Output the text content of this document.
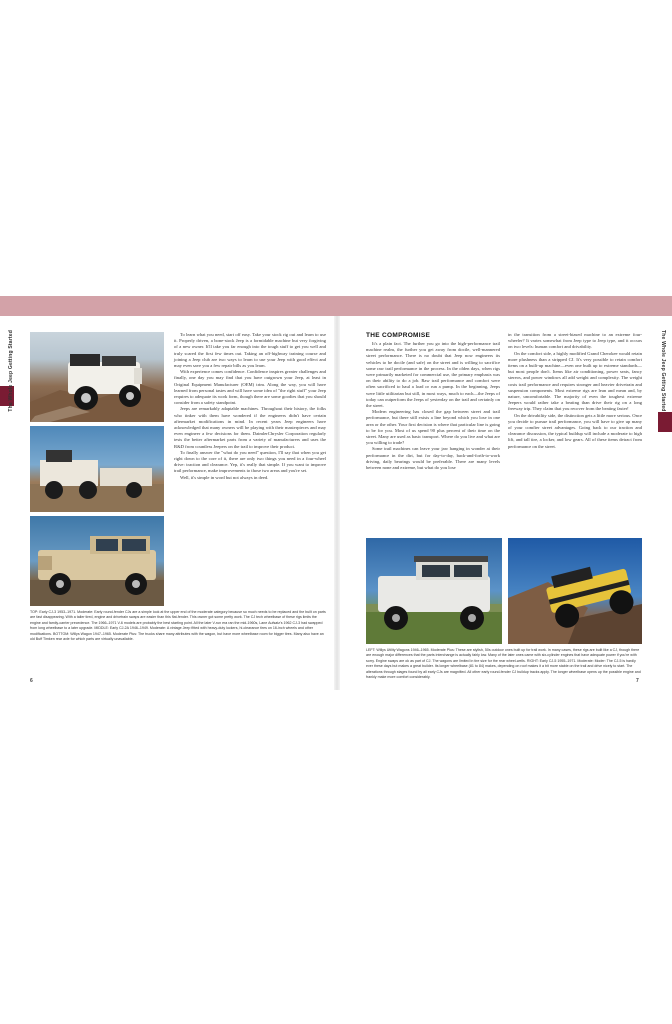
The Whole Jeep Getting Started	To learn what you need, start off easy. Take your stock rig out and learn to use it. Properly driven, a bone-stock Jeep is a formidable machine but very forgiving of a new owner. It'll take you far enough into the tough stuff to get you well and truly scared the first few times out. Taking an off-highway training course and joining a Jeep club are two ways to learn to use your Jeep with good effect and may even save you a few repair bills as you learn.

With experience comes confidence. Confidence inspires greater challenges and finally, one day you may find that you have outgrown your Jeep, at least in Original Equipment Manufacturer (OEM) trim. Along the way, you will have learned from personal tastes and will have some idea of "the right stuff" your Jeep requires to adequate its work form, though there are some goodies that you should consider from a safety standpoint.

Jeeps are remarkably adaptable machines. Throughout their history, the folks who tinker with them have wondered if the engineers didn't have certain aftermarket modifications in mind. In recent years Jeep engineers have acknowledged that many owners will be playing with their masterpieces and may even engineer a few decisions for them. DaimlerChrysler Corporation regularly tests the better aftermarket parts from a variety of manufacturers and uses the R&D from countless Jeepers on the trail to improve their product.

To finally answer the "what do you need" question, I'll say that when you get right down to the core of it, there are only two things you need in a four-wheel drive: traction and clearance. Yep, it's really that simple. If you want to improve trail performance, make improvements to those two areas and you're set.

Well, it's simple in word but not always in deed.

TOP: Early CJ-3 1953–1971. Moderate: Early round-fender CJs are a simple look at the upper end of the moderate category because so much needs to be replaced and the built on parts are fast disappearing. With a taller tired, engine and drivetrain swaps are easier than this flat-fender. This owner got some pretty work. The CJ tech wheelbase of these rigs limits the engine and family-carrier precedence. The 1966–1971 V-6 models are probably the best starting point. All the later V-run era ran the mid-1960s, Lane Aufsatz's 1962 CJ-3 had swapped from long wheelbase to a later upgrade. MIDDLE: Early CJ-2A 1946–1949. Moderate: A vintage Jeep fitted with heavy-duty lockers, hi-clearance tires on 16-inch wheels and other modifications. BOTTOM: Willys Wagon 1947–1965. Moderate Plus: The trucks share many attributes with the wagon, but have more wheelbase room for bigger tires. Many also have an old Buff Timken rear axle for which parts are virtually unavailable.
6
The Whole Jeep Getting Started
THE COMPROMISE

It's a plain fact. The further you go into the high-performance trail machine realm, the further you get away from docile, well-mannered street performance. There is no doubt that Jeep now engineers its vehicles to be docile (and safe) on the street and is willing to sacrifice some raw trail performance in the process. In the olden days, when rigs were primarily marketed for commercial use, the primary emphasis was on their ability to do a job. Raw trail performance and comfort were often sacrificed to haul a load or run a pump. In the beginning, Jeeps were little utilitarian but still, in most ways, much to each—the Jeeps of today can outperform the Jeeps of yesterday on the trail and certainly on the street.

Modern engineering has closed the gap between street and trail performance, but there still exists a line beyond which you lose in one area or the other. Your first decision is where that particular line is going to be for you. Most of us spend 90 plus percent of their time on the street. Many are used as basic transport. Where do you live and what are you willing to trade?

Some trail machines can leave your jaw hanging in wonder at their performance in the dirt, but for day-to-day, back-and-forth-to-work driving, daily bearings would be preferable. There are many levels between none and extreme, but what do you lose

in the transition from a street-biased machine to an extreme four-wheeler? It varies somewhat from Jeep type to Jeep type, and it occurs on two levels: human comfort and drivability.

On the comfort side, a highly modified Grand Cherokee would retain more plushness than a stripped CJ. It's very possible to retain comfort items on a built-up machine—even one built up to extreme standards—but most people don't. Items like air conditioning, power seats, fancy stereos, and power windows all add weight and complexity. The weight costs trail performance and requires stronger and heavier drivetrain and suspension components. Most extreme rigs are lean and mean and, by nature, uncomfortable. The majority of even the toughest extreme Jeepers would rather take a beating than drive their rig on a long freeway trip. They claim that you recover from the beating faster!

On the drivability side, the distinction gets a little more serious. Once you decide to pursue trail performance, you will have to give up many of your comfier street advantages. Going back to our traction and clearance discussion, the typical buildup will include a moderate to high lift, and tall tire, a locker, and low gears. All of these items detract from performance on the street.

LEFT: Willys Utility Wagons 1946–1965. Moderate Plus: These are stylish, 50s outdoor ones built up for trail work. In many cases, these rigs are built like a CJ, though there are enough major differences that the parts interchange is actually fairly low. Many of the later ones came with six-cylinder engines that have adequate power if you're with sorry. Engine swaps are ok as part of CJ. The wagons are limited in tire size for the rear wheel-wells. RIGHT: Early CJ-5 1955–1971. Moderate: Moder: The CJ-5 is hardly ever these days but makes a great builder. Its longer wheelbase (81 to 84) makes, depending on roof makes it a bit more stable on the trail and drive nicely to start. The alterations through stages found by all early CJs are magnified. All other early round-fender CJ buildup tracks apply. The longer wheelbase opens up the possible engine and frankly make more comfort considerably.
7
